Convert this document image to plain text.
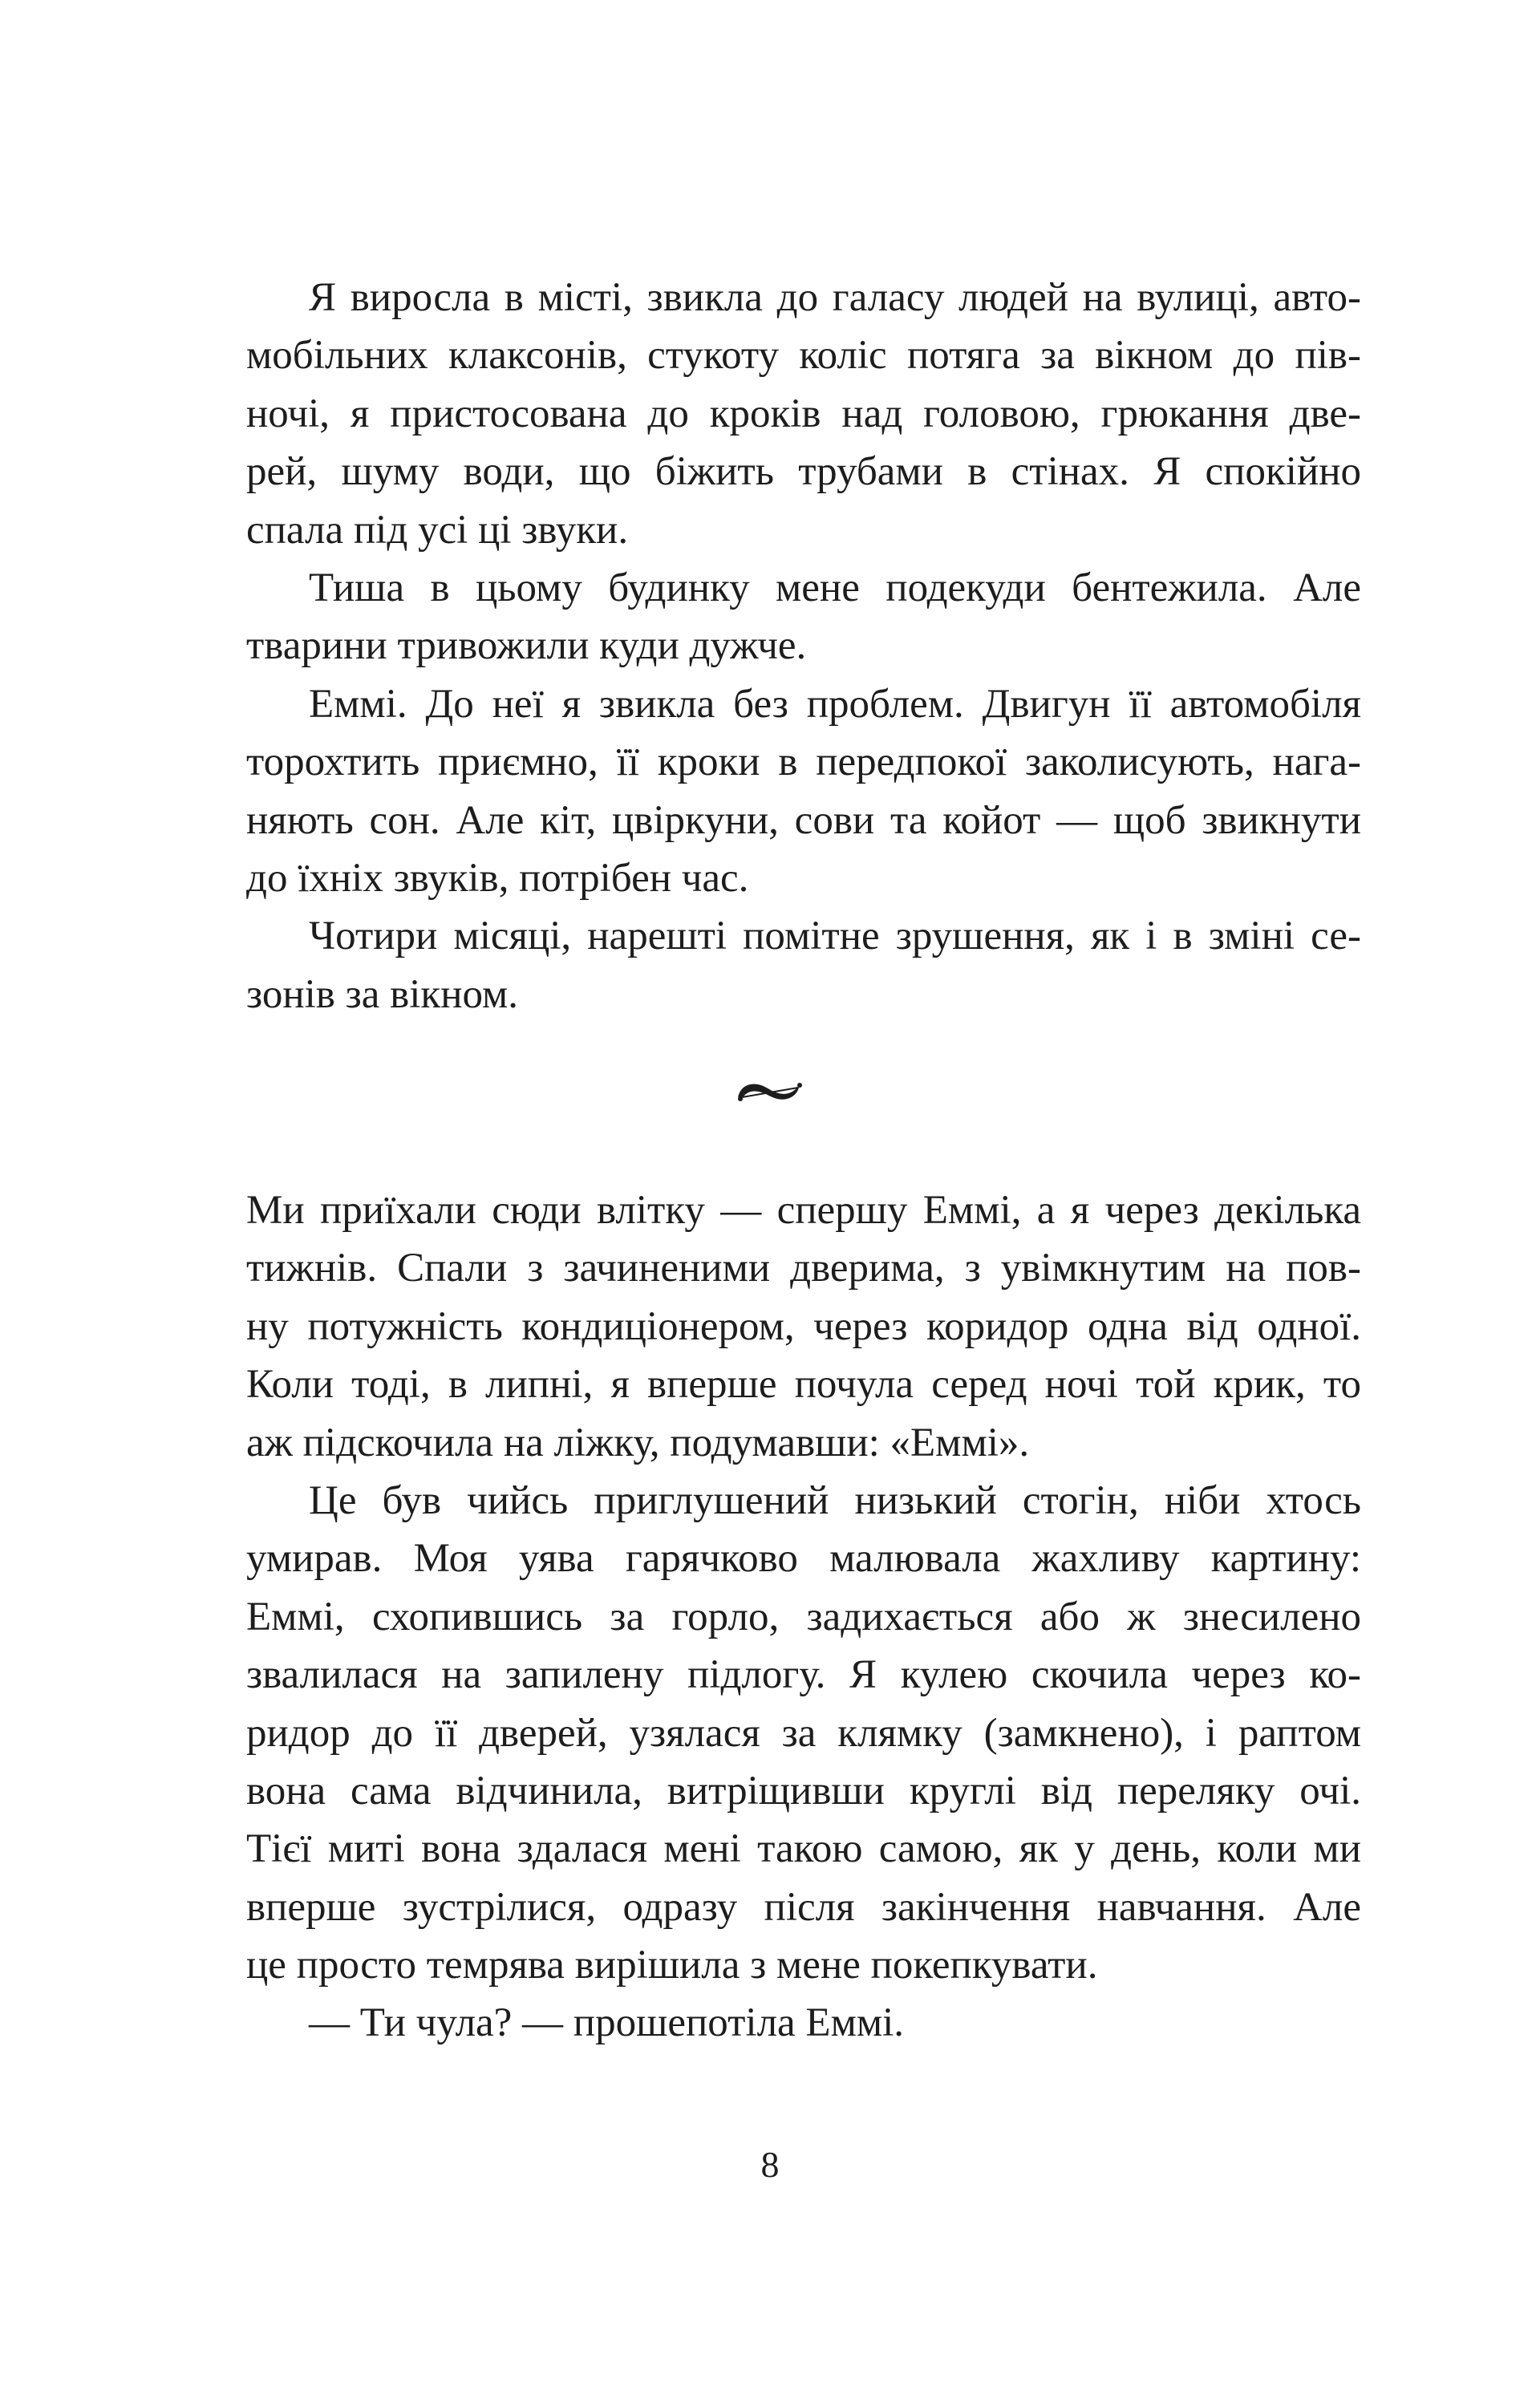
Я виросла в місті, звикла до галасу людей на вулиці, авто-
мобільних клаксонів, стукоту коліс потяга за вікном до пів-
ночі, я пристосована до кроків над головою, грюкання две-
рей, шуму води, що біжить трубами в стінах. Я спокійно
спала під усі ці звуки.
Тиша в цьому будинку мене подекуди бентежила. Але
тварини тривожили куди дужче.
Еммі. До неї я звикла без проблем. Двигун її автомобіля
торохтить приємно, її кроки в передпокої заколисують, нага-
няють сон. Але кіт, цвіркуни, сови та койот — щоб звикнути
до їхніх звуків, потрібен час.
Чотири місяці, нарешті помітне зрушення, як і в зміні се-
зонів за вікном.
Ми приїхали сюди влітку — спершу Еммі, а я через декілька
тижнів. Спали з зачиненими дверима, з увімкнутим на пов-
ну потужність кондиціонером, через коридор одна від одної.
Коли тоді, в липні, я вперше почула серед ночі той крик, то
аж підскочила на ліжку, подумавши: «Еммі».
Це був чийсь приглушений низький стогін, ніби хтось
умирав. Моя уява гарячково малювала жахливу картину:
Еммі, схопившись за горло, задихається або ж знесилено
звалилася на запилену підлогу. Я кулею скочила через ко-
ридор до її дверей, узялася за клямку (замкнено), і раптом
вона сама відчинила, витріщивши круглі від переляку очі.
Тієї миті вона здалася мені такою самою, як у день, коли ми
вперше зустрілися, одразу після закінчення навчання. Але
це просто темрява вирішила з мене покепкувати.
— Ти чула? — прошепотіла Еммі.
8
